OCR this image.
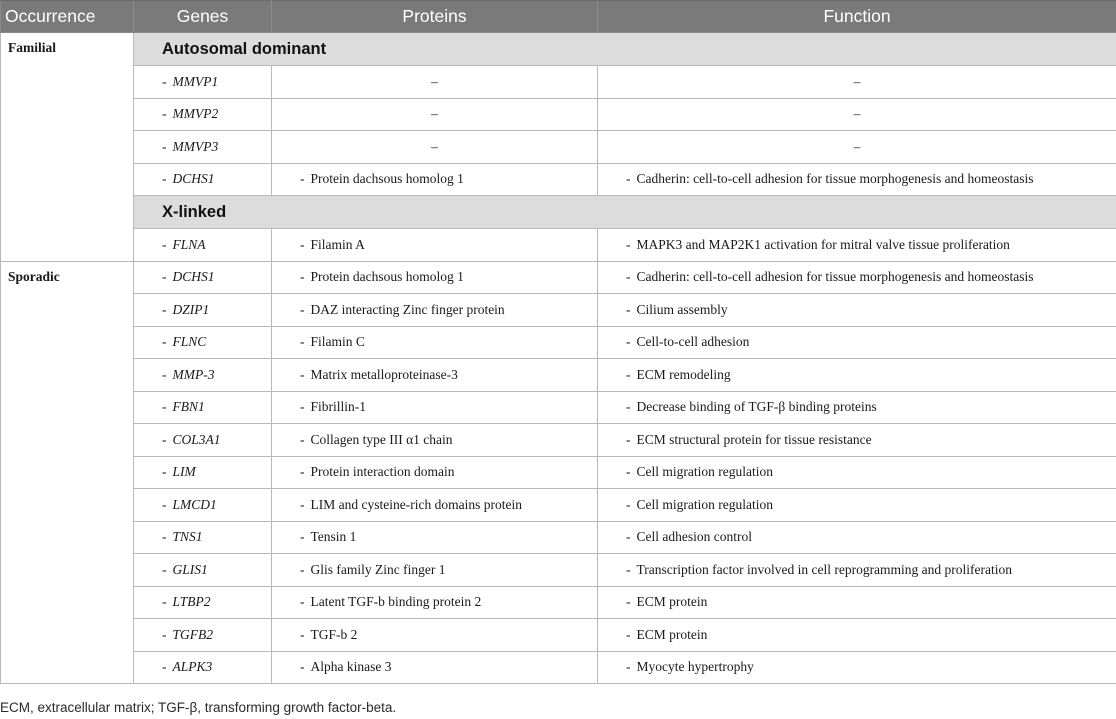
Occurrence	Genes	Proteins	Function
Familial	Autosomal dominant		
	- MMVP1	–	–
	- MMVP2	–	–
	- MMVP3	–	–
	- DCHS1	- Protein dachsous homolog 1	- Cadherin: cell-to-cell adhesion for tissue morphogenesis and homeostasis
	X-linked		
	- FLNA	- Filamin A	- MAPK3 and MAP2K1 activation for mitral valve tissue proliferation
Sporadic	- DCHS1	- Protein dachsous homolog 1	- Cadherin: cell-to-cell adhesion for tissue morphogenesis and homeostasis
	- DZIP1	- DAZ interacting Zinc finger protein	- Cilium assembly
	- FLNC	- Filamin C	- Cell-to-cell adhesion
	- MMP-3	- Matrix metalloproteinase-3	- ECM remodeling
	- FBN1	- Fibrillin-1	- Decrease binding of TGF-β binding proteins
	- COL3A1	- Collagen type III α1 chain	- ECM structural protein for tissue resistance
	- LIM	- Protein interaction domain	- Cell migration regulation
	- LMCD1	- LIM and cysteine-rich domains protein	- Cell migration regulation
	- TNS1	- Tensin 1	- Cell adhesion control
	- GLIS1	- Glis family Zinc finger 1	- Transcription factor involved in cell reprogramming and proliferation
	- LTBP2	- Latent TGF-b binding protein 2	- ECM protein
	- TGFB2	- TGF-b 2	- ECM protein
	- ALPK3	- Alpha kinase 3	- Myocyte hypertrophy
ECM, extracellular matrix; TGF-β, transforming growth factor-beta.
